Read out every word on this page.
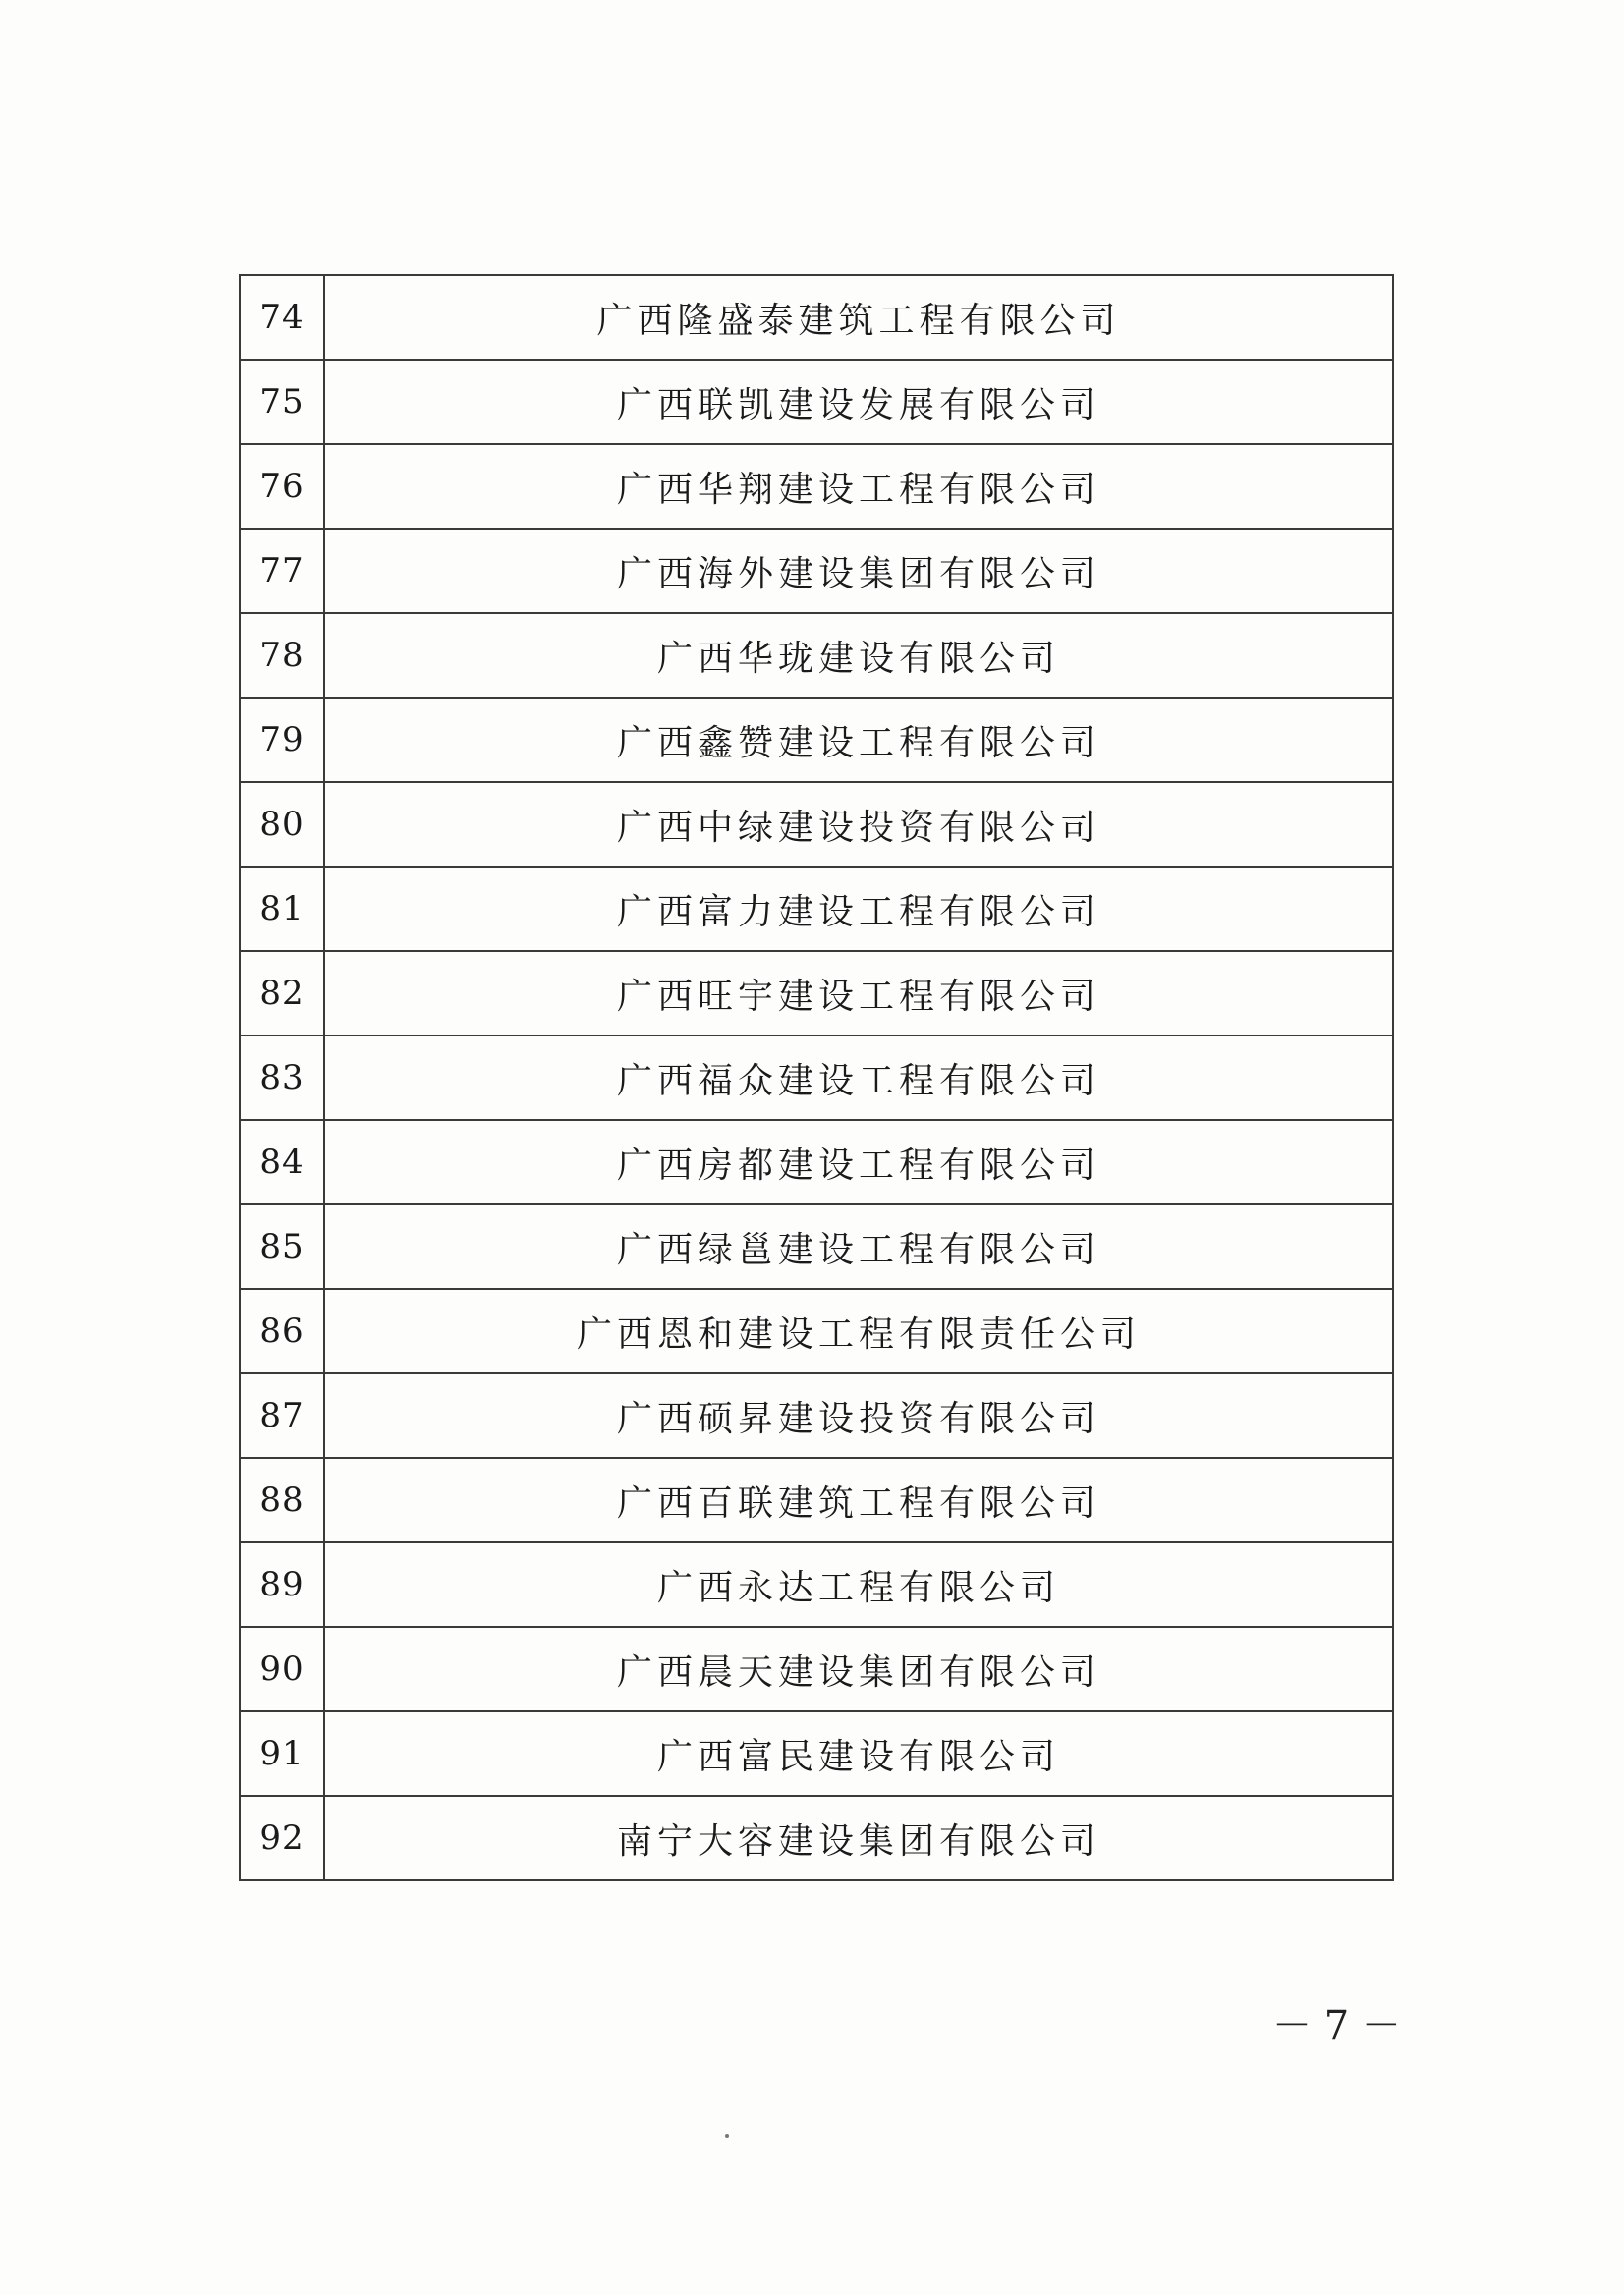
74	广西隆盛泰建筑工程有限公司
75	广西联凯建设发展有限公司
76	广西华翔建设工程有限公司
77	广西海外建设集团有限公司
78	广西华珑建设有限公司
79	广西鑫赞建设工程有限公司
80	广西中绿建设投资有限公司
81	广西富力建设工程有限公司
82	广西旺宇建设工程有限公司
83	广西福众建设工程有限公司
84	广西房都建设工程有限公司
85	广西绿邕建设工程有限公司
86	广西恩和建设工程有限责任公司
87	广西硕昇建设投资有限公司
88	广西百联建筑工程有限公司
89	广西永达工程有限公司
90	广西晨天建设集团有限公司
91	广西富民建设有限公司
92	南宁大容建设集团有限公司
－ 7 －
